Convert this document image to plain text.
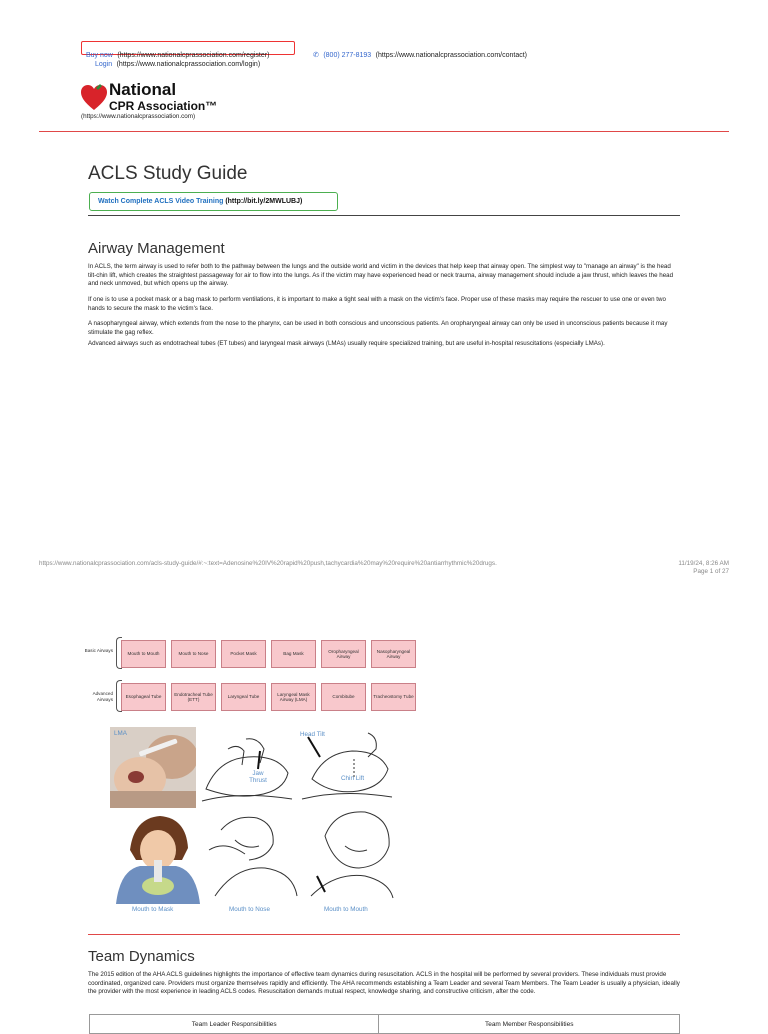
Buy now (https://www.nationalcprassociation.com/register)
Login (https://www.nationalcprassociation.com/login)
✆ (800) 277-8193 (https://www.nationalcprassociation.com/contact)
National
CPR Association™
(https://www.nationalcprassociation.com)
ACLS Study Guide
Watch Complete ACLS Video Training (http://bit.ly/2MWLUBJ)
Airway Management

In ACLS, the term airway is used to refer both to the pathway between the lungs and the outside world and victim in the devices that help keep that airway open. The simplest way to "manage an airway" is the head tilt-chin lift, which creates the straightest passageway for air to flow into the lungs. As if the victim may have experienced head or neck trauma, airway management should include a jaw thrust, which leaves the head and neck unmoved, but which opens up the airway.

If one is to use a pocket mask or a bag mask to perform ventilations, it is important to make a tight seal with a mask on the victim's face. Proper use of these masks may require the rescuer to use one or even two hands to secure the mask to the victim's face.

A nasopharyngeal airway, which extends from the nose to the pharynx, can be used in both conscious and unconscious patients. An oropharyngeal airway can only be used in unconscious patients because it may stimulate the gag reflex.

Advanced airways such as endotracheal tubes (ET tubes) and laryngeal mask airways (LMAs) usually require specialized training, but are useful in-hospital resuscitations (especially LMAs).

https://www.nationalcprassociation.com/acls-study-guide/#:~:text=Adenosine%20IV%20rapid%20push,tachycardia%20may%20require%20antiarrhythmic%20drugs.	11/19/24, 8:26 AM
Page 1 of 27
Basic Airways
Advanced Airways
Mouth to Mouth	Mouth to Nose	Pocket Mask	Bag Mask
Oropharyngeal Airway
Nasopharyngeal Airway
Esophageal Tube
Endotracheal Tube (ETT)
Laryngeal Tube
Laryngeal Mask Airway (LMA)
Combitube	Tracheostomy Tube
LMA
Jaw Thrust
Head Tilt
Chin Lift
Mouth to Mask	Mouth to Nose	Mouth to Mouth
Team Dynamics

The 2015 edition of the AHA ACLS guidelines highlights the importance of effective team dynamics during resuscitation. ACLS in the hospital will be performed by several providers. These individuals must provide coordinated, organized care. Providers must organize themselves rapidly and efficiently. The AHA recommends establishing a Team Leader and several Team Members. The Team Leader is usually a physician, ideally the provider with the most experience in leading ACLS codes. Resuscitation demands mutual respect, knowledge sharing, and constructive criticism, after the code.

Team Leader Responsibilities	Team Member Responsibilities
